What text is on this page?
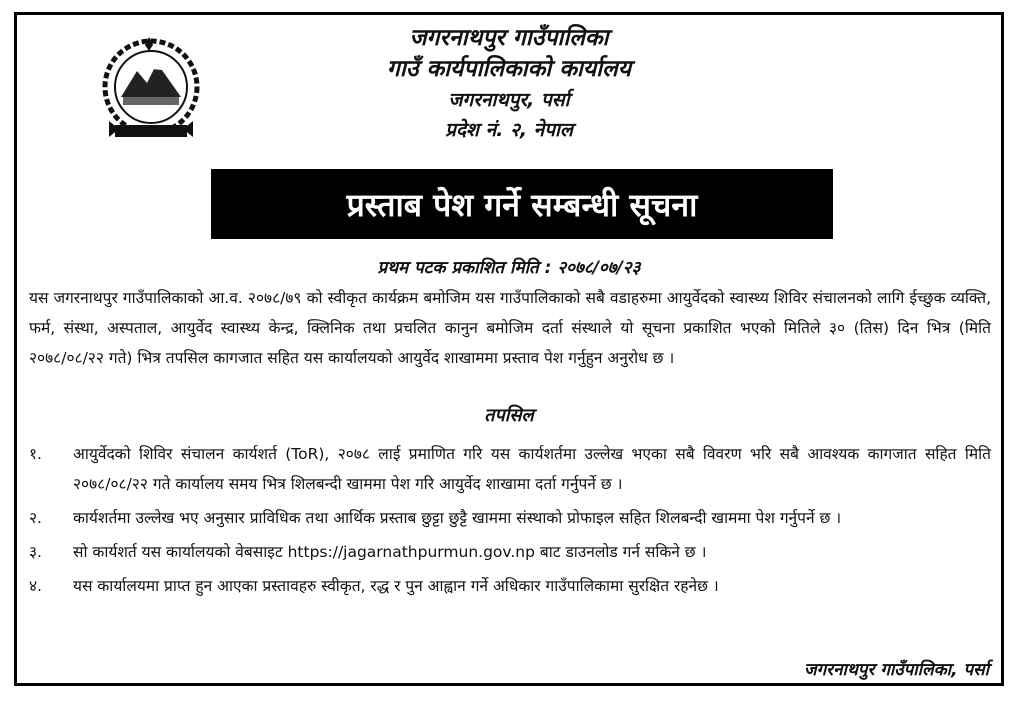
जगरनाथपुर गाउँपालिका
गाउँ कार्यपालिकाको कार्यालय
जगरनाथपुर, पर्सा
प्रदेश नं. २, नेपाल
प्रस्ताब पेश गर्ने सम्बन्धी सूचना
प्रथम पटक प्रकाशित मिति : २०७८/०७/२३
यस जगरनाथपुर गाउँपालिकाको आ.व. २०७८/७९ को स्वीकृत कार्यक्रम बमोजिम यस गाउँपालिकाको सबै वडाहरुमा आयुर्वेदको स्वास्थ्य शिविर संचालनको लागि ईच्छुक व्यक्ति, फर्म, संस्था, अस्पताल, आयुर्वेद स्वास्थ्य केन्द्र, क्लिनिक तथा प्रचलित कानुन बमोजिम दर्ता संस्थाले यो सूचना प्रकाशित भएको मितिले ३० (तिस) दिन भित्र (मिति २०७८/०८/२२ गते) भित्र तपसिल कागजात सहित यस कार्यालयको आयुर्वेद शाखाममा प्रस्ताव पेश गर्नुहुन अनुरोध छ ।
तपसिल
१.	आयुर्वेदको शिविर संचालन कार्यशर्त (ToR), २०७८ लाई प्रमाणित गरि यस कार्यशर्तमा उल्लेख भएका सबै विवरण भरि सबै आवश्यक कागजात सहित मिति २०७८/०८/२२ गते कार्यालय समय भित्र शिलबन्दी खाममा पेश गरि आयुर्वेद शाखामा दर्ता गर्नुपर्ने छ ।
२.	कार्यशर्तमा उल्लेख भए अनुसार प्राविधिक तथा आर्थिक प्रस्ताब छुट्टा छुट्टै खाममा संस्थाको प्रोफाइल सहित शिलबन्दी खाममा पेश गर्नुपर्ने छ ।
३.	सो कार्यशर्त यस कार्यालयको वेबसाइट https://jagarnathpurmun.gov.np बाट डाउनलोड गर्न सकिने छ ।
४.	यस कार्यालयमा प्राप्त हुन आएका प्रस्तावहरु स्वीकृत, रद्ध र पुन आह्वान गर्ने अधिकार गाउँपालिकामा सुरक्षित रहनेछ ।
जगरनाथपुर गाउँपालिका, पर्सा
